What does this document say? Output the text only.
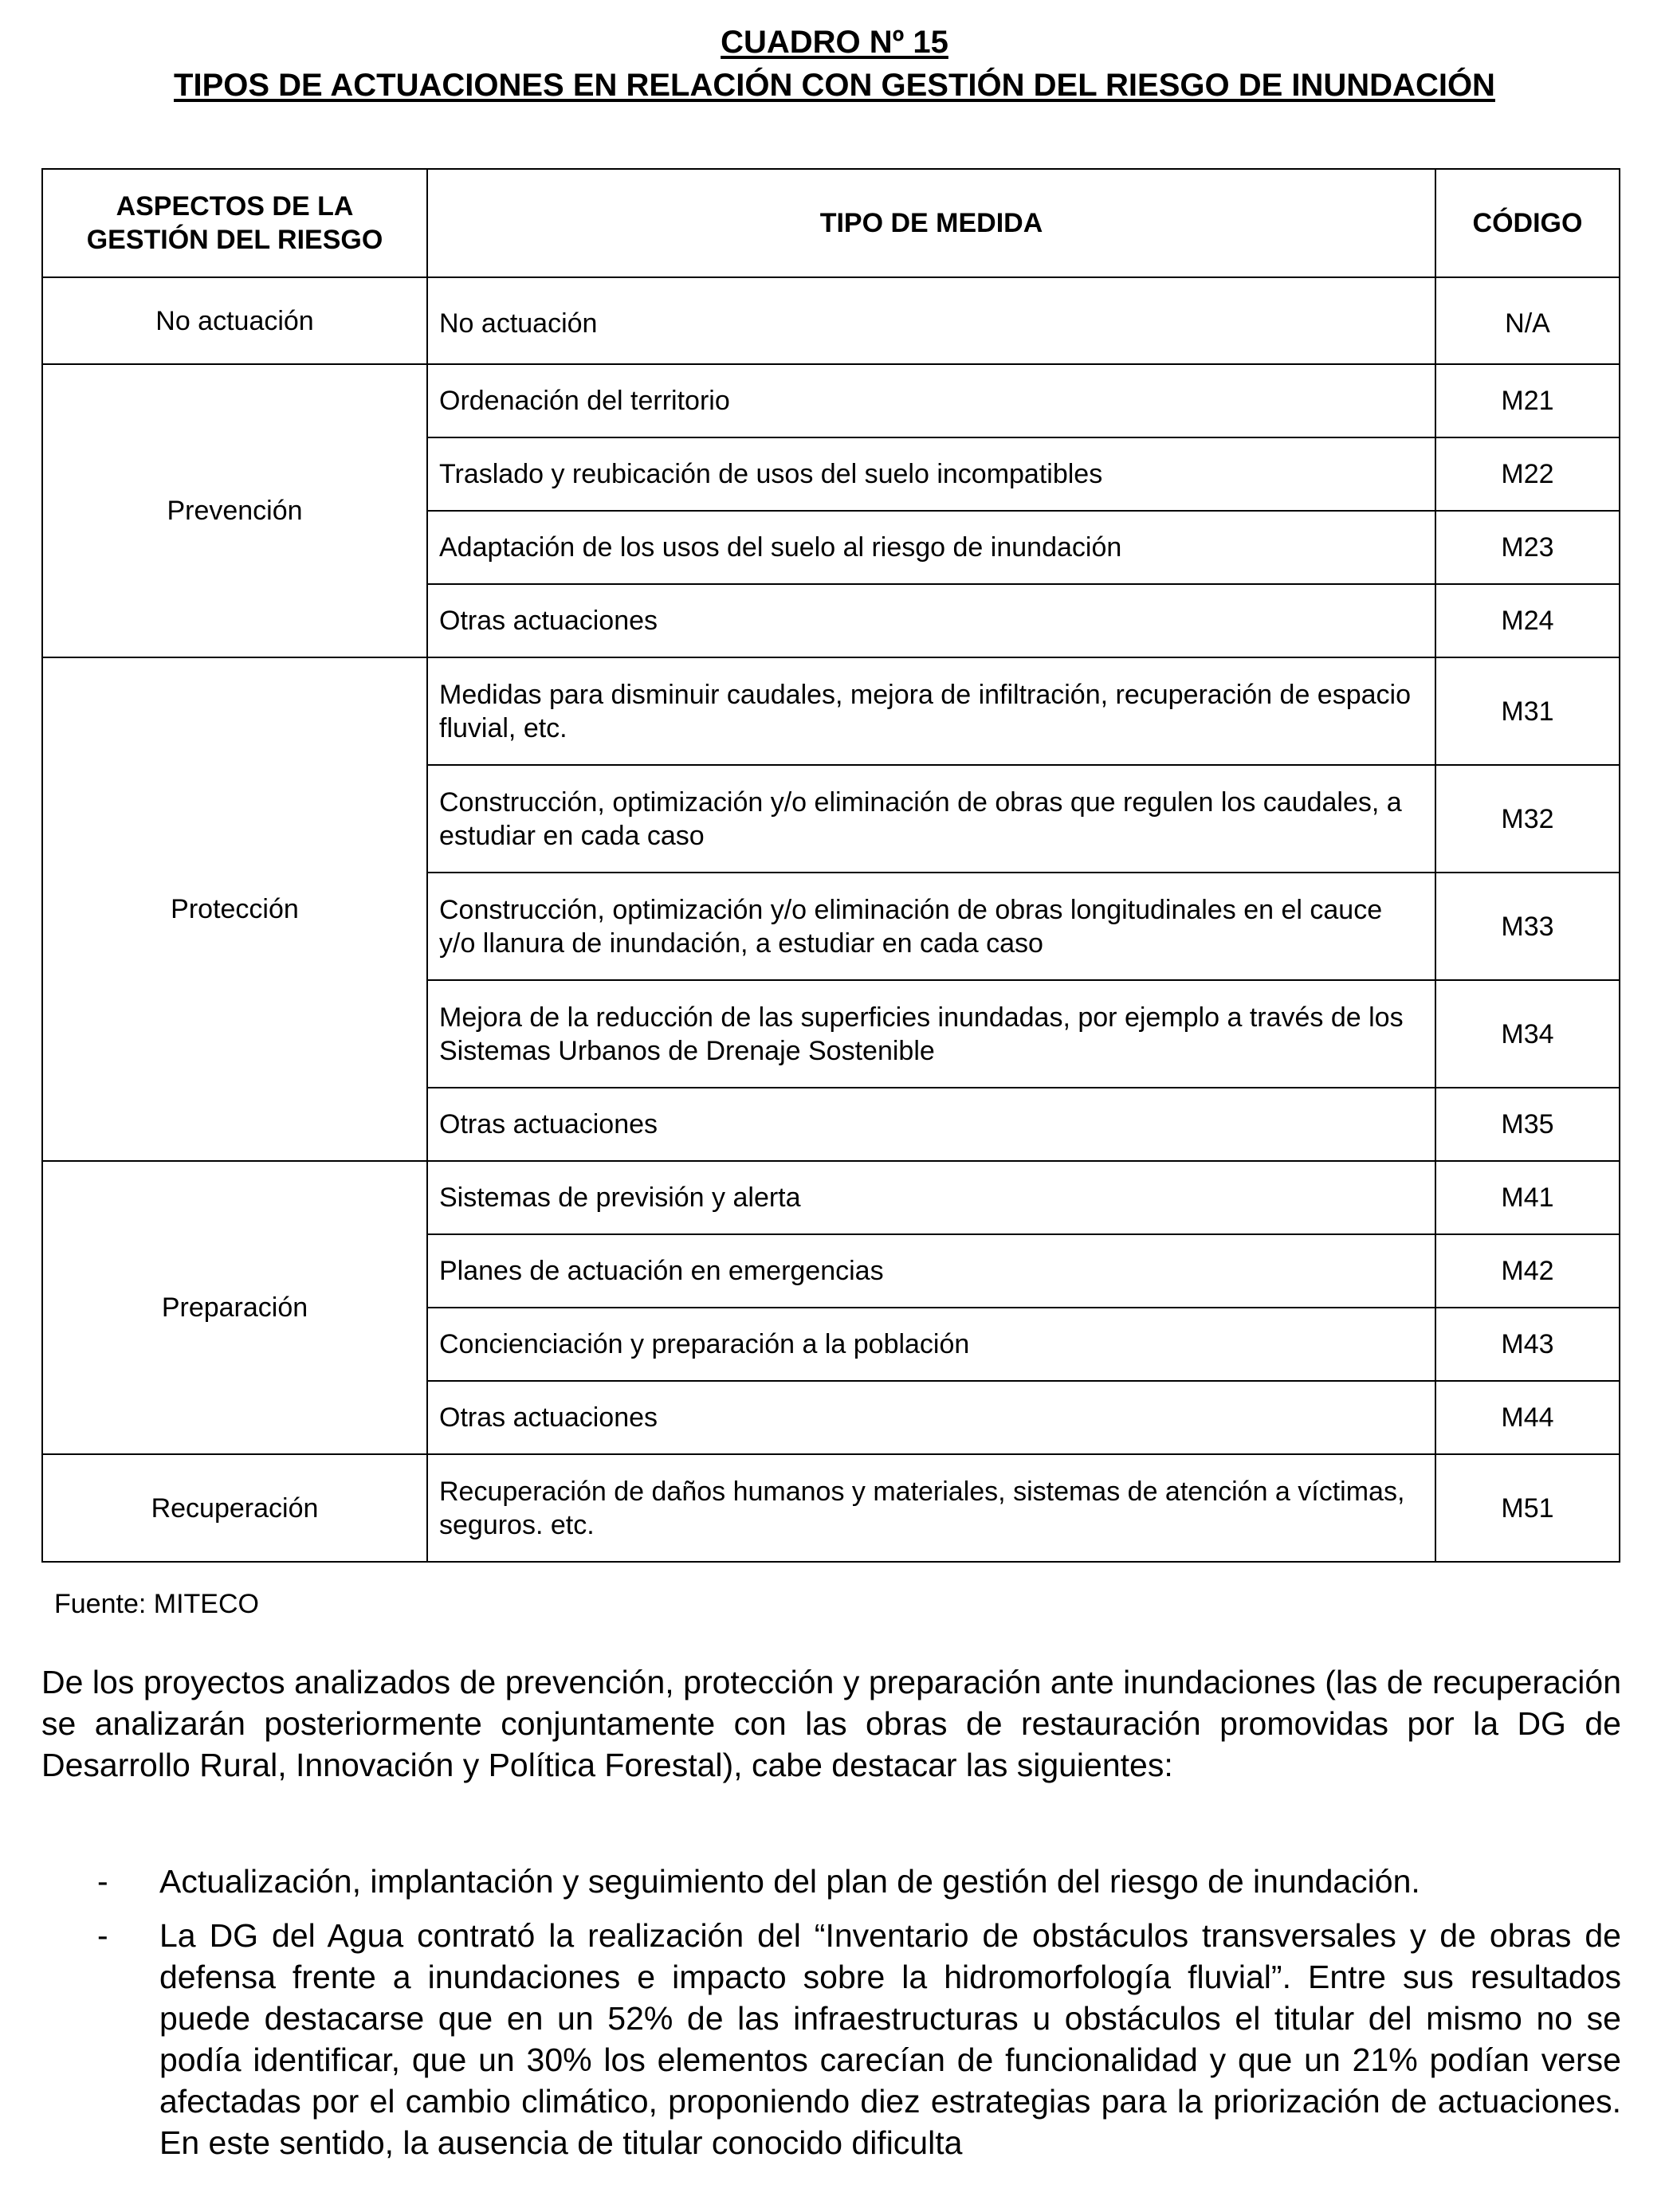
CUADRO Nº 15
TIPOS DE ACTUACIONES EN RELACIÓN CON GESTIÓN DEL RIESGO DE INUNDACIÓN
ASPECTOS DE LA
GESTIÓN DEL RIESGO	TIPO DE MEDIDA	CÓDIGO
No actuación	No actuación	N/A
Prevención	Ordenación del territorio	M21
	Traslado y reubicación de usos del suelo incompatibles	M22
	Adaptación de los usos del suelo al riesgo de inundación	M23
	Otras actuaciones	M24
Protección	Medidas para disminuir caudales, mejora de infiltración, recuperación de espacio fluvial, etc.	M31
	Construcción, optimización y/o eliminación de obras que regulen los caudales, a estudiar en cada caso	M32
	Construcción, optimización y/o eliminación de obras longitudinales en el cauce y/o llanura de inundación, a estudiar en cada caso	M33
	Mejora de la reducción de las superficies inundadas, por ejemplo a través de los Sistemas Urbanos de Drenaje Sostenible	M34
	Otras actuaciones	M35
Preparación	Sistemas de previsión y alerta	M41
	Planes de actuación en emergencias	M42
	Concienciación y preparación a la población	M43
	Otras actuaciones	M44
Recuperación	Recuperación de daños humanos y materiales, sistemas de atención a víctimas, seguros. etc.	M51
Fuente: MITECO

De los proyectos analizados de prevención, protección y preparación ante inundaciones (las de recuperación se analizarán posteriormente conjuntamente con las obras de restauración promovidas por la DG de Desarrollo Rural, Innovación y Política Forestal), cabe destacar las siguientes:

- Actualización, implantación y seguimiento del plan de gestión del riesgo de inundación.
- La DG del Agua contrató la realización del “Inventario de obstáculos transversales y de obras de defensa frente a inundaciones e impacto sobre la hidromorfología fluvial”. Entre sus resultados puede destacarse que en un 52% de las infraestructuras u obstáculos el titular del mismo no se podía identificar, que un 30% los elementos carecían de funcionalidad y que un 21% podían verse afectadas por el cambio climático, proponiendo diez estrategias para la priorización de actuaciones. En este sentido, la ausencia de titular conocido dificulta
